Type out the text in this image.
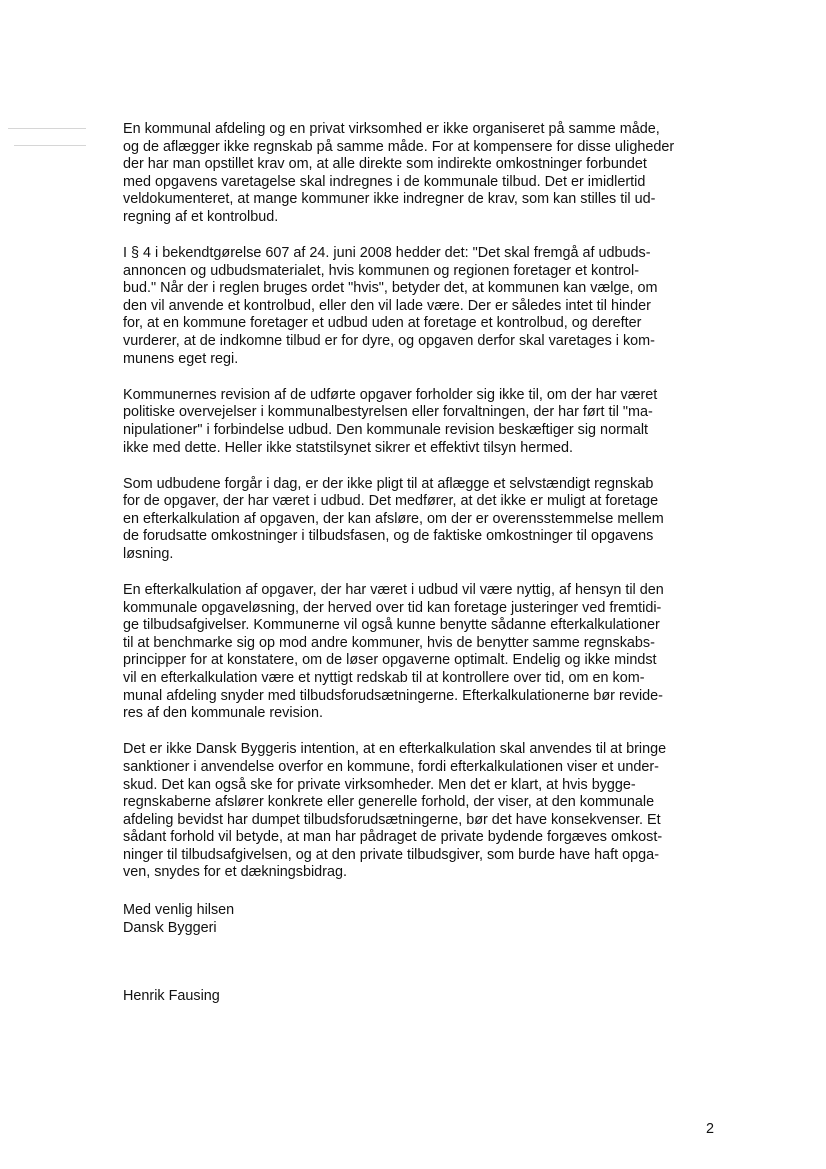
En kommunal afdeling og en privat virksomhed er ikke organiseret på samme måde,
og de aflægger ikke regnskab på samme måde. For at kompensere for disse uligheder
der har man opstillet krav om, at alle direkte som indirekte omkostninger forbundet
med opgavens varetagelse skal indregnes i de kommunale tilbud. Det er imidlertid
veldokumenteret, at mange kommuner ikke indregner de krav, som kan stilles til ud-
regning af et kontrolbud.

I § 4 i bekendtgørelse 607 af 24. juni 2008 hedder det: "Det skal fremgå af udbuds-
annoncen og udbudsmaterialet, hvis kommunen og regionen foretager et kontrol-
bud." Når der i reglen bruges ordet "hvis", betyder det, at kommunen kan vælge, om
den vil anvende et kontrolbud, eller den vil lade være. Der er således intet til hinder
for, at en kommune foretager et udbud uden at foretage et kontrolbud, og derefter
vurderer, at de indkomne tilbud er for dyre, og opgaven derfor skal varetages i kom-
munens eget regi.

Kommunernes revision af de udførte opgaver forholder sig ikke til, om der har været
politiske overvejelser i kommunalbestyrelsen eller forvaltningen, der har ført til "ma-
nipulationer" i forbindelse udbud. Den kommunale revision beskæftiger sig normalt
ikke med dette. Heller ikke statstilsynet sikrer et effektivt tilsyn hermed.

Som udbudene forgår i dag, er der ikke pligt til at aflægge et selvstændigt regnskab
for de opgaver, der har været i udbud. Det medfører, at det ikke er muligt at foretage
en efterkalkulation af opgaven, der kan afsløre, om der er overensstemmelse mellem
de forudsatte omkostninger i tilbudsfasen, og de faktiske omkostninger til opgavens
løsning.

En efterkalkulation af opgaver, der har været i udbud vil være nyttig, af hensyn til den
kommunale opgaveløsning, der herved over tid kan foretage justeringer ved fremtidi-
ge tilbudsafgivelser. Kommunerne vil også kunne benytte sådanne efterkalkulationer
til at benchmarke sig op mod andre kommuner, hvis de benytter samme regnskabs-
principper for at konstatere, om de løser opgaverne optimalt. Endelig og ikke mindst
vil en efterkalkulation være et nyttigt redskab til at kontrollere over tid, om en kom-
munal afdeling snyder med tilbudsforudsætningerne. Efterkalkulationerne bør revide-
res af den kommunale revision.

Det er ikke Dansk Byggeris intention, at en efterkalkulation skal anvendes til at bringe
sanktioner i anvendelse overfor en kommune, fordi efterkalkulationen viser et under-
skud. Det kan også ske for private virksomheder. Men det er klart, at hvis bygge-
regnskaberne afslører konkrete eller generelle forhold, der viser, at den kommunale
afdeling bevidst har dumpet tilbudsforudsætningerne, bør det have konsekvenser. Et
sådant forhold vil betyde, at man har pådraget de private bydende forgæves omkost-
ninger til tilbudsafgivelsen, og at den private tilbudsgiver, som burde have haft opga-
ven, snydes for et dækningsbidrag.

Med venlig hilsen
Dansk Byggeri
Henrik Fausing
2
